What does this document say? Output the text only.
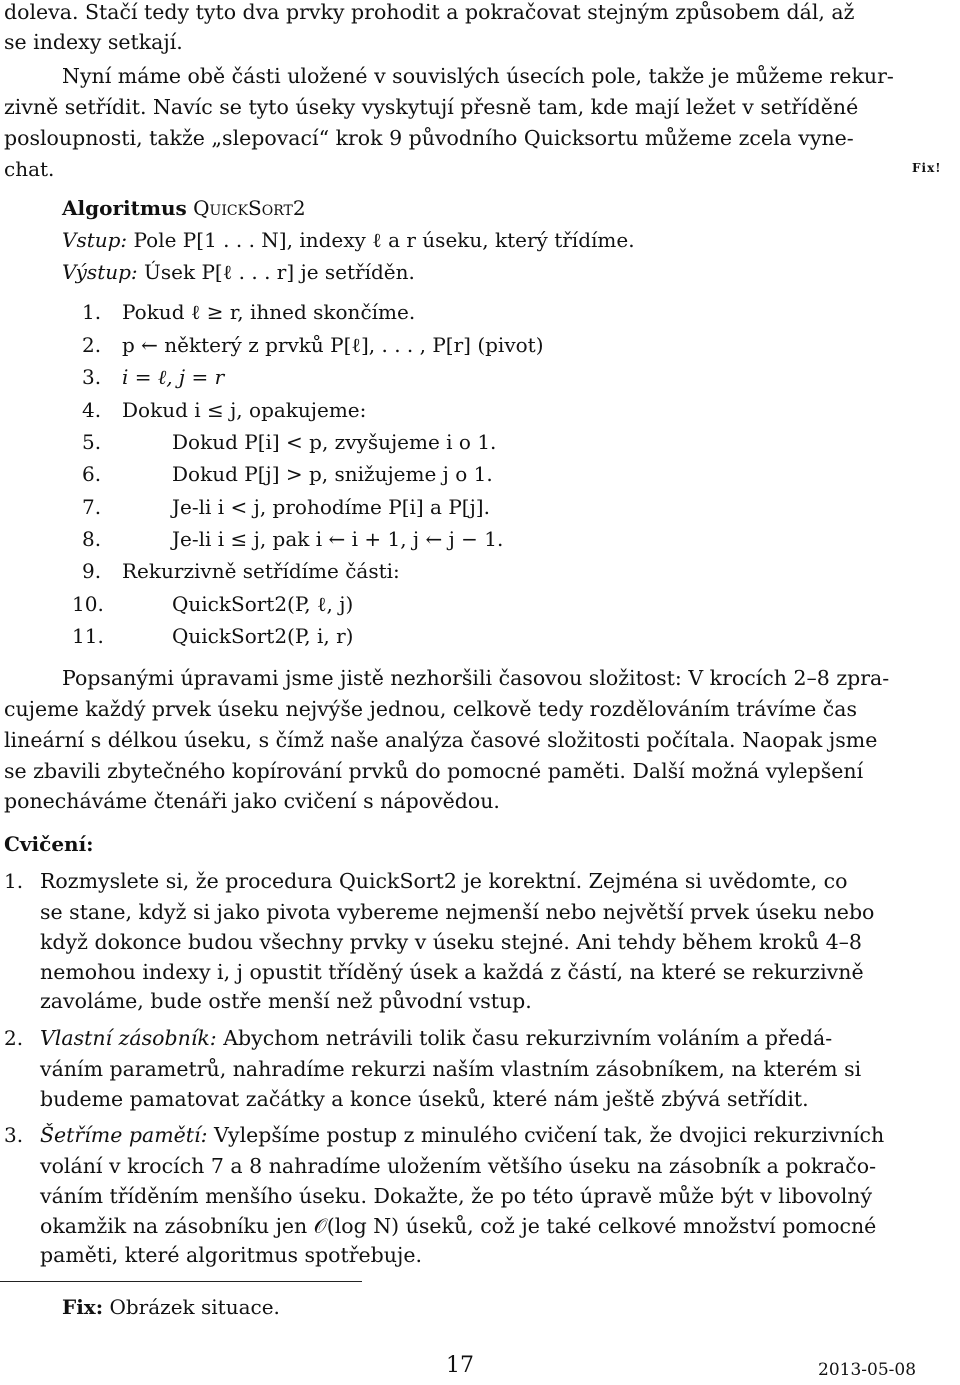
doleva. Stačí tedy tyto dva prvky prohodit a pokračovat stejným způsobem dál, až
se indexy setkají.
Nyní máme obě části uložené v souvislých úsecích pole, takže je můžeme rekur-
zivně setřídit. Navíc se tyto úseky vyskytují přesně tam, kde mají ležet v setříděné
posloupnosti, takže „slepovací“ krok 9 původního Quicksortu můžeme zcela vyne-
chat.	Fix!
Algoritmus QuickSort2
Vstup: Pole P[1 . . . N], indexy ℓ a r úseku, který třídíme.
Výstup: Úsek P[ℓ . . . r] je setříděn.
1. Pokud ℓ ≥ r, ihned skončíme.
2. p ← některý z prvků P[ℓ], . . . , P[r] (pivot)
3. i = ℓ, j = r
4. Dokud i ≤ j, opakujeme:
5.	Dokud P[i] < p, zvyšujeme i o 1.
6.	Dokud P[j] > p, snižujeme j o 1.
7.	Je-li i < j, prohodíme P[i] a P[j].
8.	Je-li i ≤ j, pak i ← i + 1, j ← j − 1.
9. Rekurzivně setřídíme části:
10.	QuickSort2(P, ℓ, j)
11.	QuickSort2(P, i, r)
Popsanými úpravami jsme jistě nezhoršili časovou složitost: V krocích 2–8 zpra-
cujeme každý prvek úseku nejvýše jednou, celkově tedy rozdělováním trávíme čas
lineární s délkou úseku, s čímž naše analýza časové složitosti počítala. Naopak jsme
se zbavili zbytečného kopírování prvků do pomocné paměti. Další možná vylepšení
ponecháváme čtenáři jako cvičení s nápovědou.
Cvičení:
1. Rozmyslete si, že procedura QuickSort2 je korektní. Zejména si uvědomte, co
se stane, když si jako pivota vybereme nejmenší nebo největší prvek úseku nebo
když dokonce budou všechny prvky v úseku stejné. Ani tehdy během kroků 4–8
nemohou indexy i, j opustit tříděný úsek a každá z částí, na které se rekurzivně
zavoláme, bude ostře menší než původní vstup.
2. Vlastní zásobník: Abychom netrávili tolik času rekurzivním voláním a předá-
váním parametrů, nahradíme rekurzi naším vlastním zásobníkem, na kterém si
budeme pamatovat začátky a konce úseků, které nám ještě zbývá setřídit.
3. Šetříme pamětí: Vylepšíme postup z minulého cvičení tak, že dvojici rekurzivních
volání v krocích 7 a 8 nahradíme uložením většího úseku na zásobník a pokračo-
váním tříděním menšího úseku. Dokažte, že po této úpravě může být v libovolný
okamžik na zásobníku jen 𝒪(log N) úseků, což je také celkové množství pomocné
paměti, které algoritmus spotřebuje.
Fix: Obrázek situace.
17	2013-05-08
